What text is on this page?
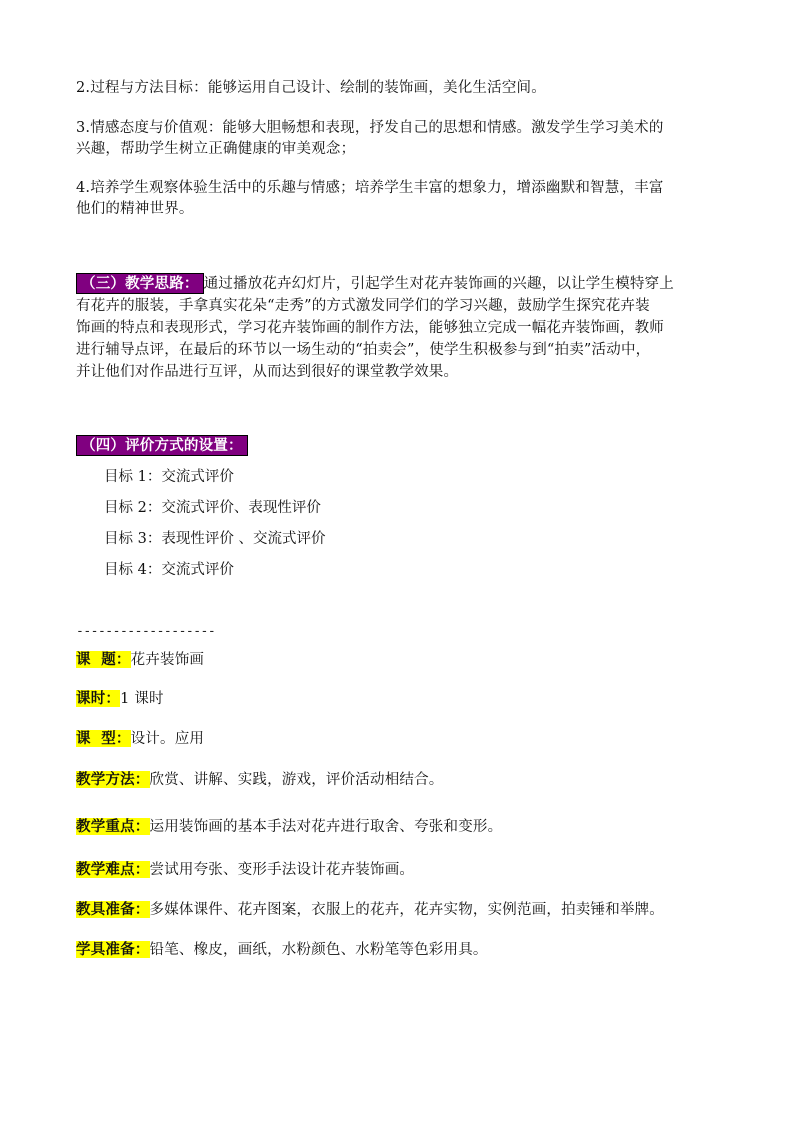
2.过程与方法目标：能够运用自己设计、绘制的装饰画，美化生活空间。
3.情感态度与价值观：能够大胆畅想和表现，抒发自己的思想和情感。激发学生学习美术的
兴趣，帮助学生树立正确健康的审美观念；
4.培养学生观察体验生活中的乐趣与情感；培养学生丰富的想象力，增添幽默和智慧，丰富
他们的精神世界。
（三）教学思路： 通过播放花卉幻灯片，引起学生对花卉装饰画的兴趣，以让学生模特穿上
有花卉的服装，手拿真实花朵“走秀”的方式激发同学们的学习兴趣，鼓励学生探究花卉装
饰画的特点和表现形式，学习花卉装饰画的制作方法，能够独立完成一幅花卉装饰画，教师
进行辅导点评，在最后的环节以一场生动的“拍卖会”，使学生积极参与到“拍卖”活动中，
并让他们对作品进行互评，从而达到很好的课堂教学效果。
（四）评价方式的设置：
目标 1：交流式评价
目标 2：交流式评价、表现性评价
目标 3：表现性评价 、交流式评价
目标 4：交流式评价
-------------------
课  题：花卉装饰画
课时：1 课时
课  型：设计。应用
教学方法：欣赏、讲解、实践，游戏，评价活动相结合。
教学重点：运用装饰画的基本手法对花卉进行取舍、夸张和变形。
教学难点：尝试用夸张、变形手法设计花卉装饰画。
教具准备：多媒体课件、花卉图案，衣服上的花卉，花卉实物，实例范画，拍卖锤和举牌。
学具准备：铅笔、橡皮，画纸，水粉颜色、水粉笔等色彩用具。
